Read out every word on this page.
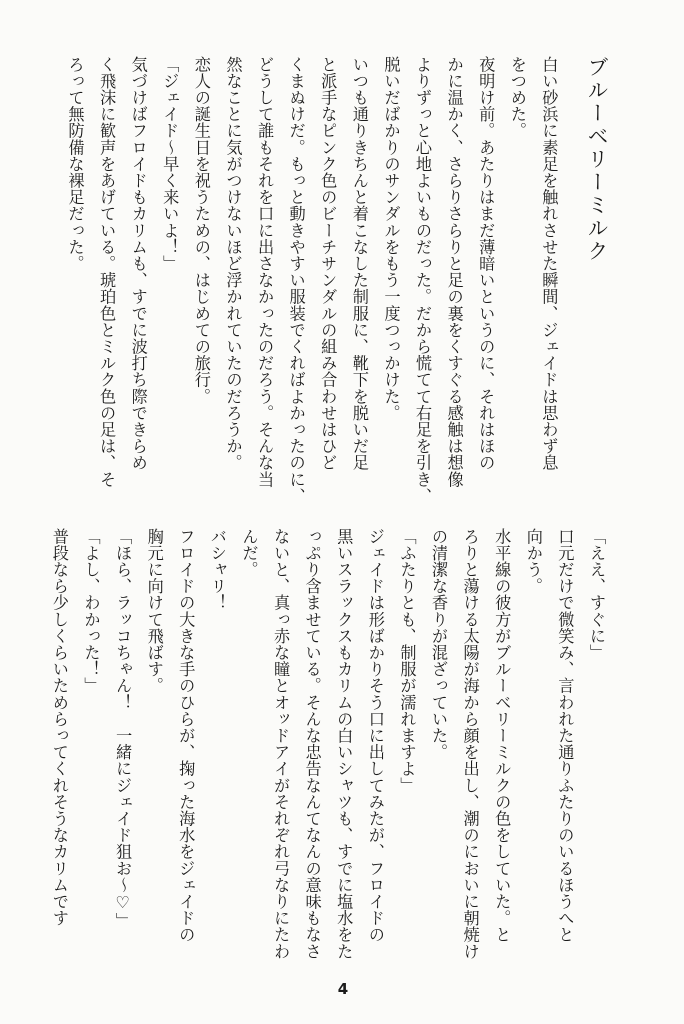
ブルーベリーミルク
白い砂浜に素足を触れさせた瞬間、ジェイドは思わず息
をつめた。
夜明け前。あたりはまだ薄暗いというのに、それはほの
かに温かく、さらりさらりと足の裏をくすぐる感触は想像
よりずっと心地よいものだった。だから慌てて右足を引き、
脱いだばかりのサンダルをもう一度つっかけた。
いつも通りきちんと着こなした制服に、靴下を脱いだ足
と派手なピンク色のビーチサンダルの組み合わせはひど
くまぬけだ。もっと動きやすい服装でくればよかったのに、
どうして誰もそれを口に出さなかったのだろう。そんな当
然なことに気がつけないほど浮かれていたのだろうか。
恋人の誕生日を祝うための、はじめての旅行。
「ジェイド〜早く来いよ！」
気づけばフロイドもカリムも、すでに波打ち際できらめ
く飛沫に歓声をあげている。琥珀色とミルク色の足は、そ
ろって無防備な裸足だった。
「ええ、すぐに」
口元だけで微笑み、言われた通りふたりのいるほうへと
向かう。
水平線の彼方がブルーベリーミルクの色をしていた。と
ろりと蕩ける太陽が海から顔を出し、潮のにおいに朝焼け
の清潔な香りが混ざっていた。
「ふたりとも、制服が濡れますよ」
ジェイドは形ばかりそう口に出してみたが、フロイドの
黒いスラックスもカリムの白いシャツも、すでに塩水をた
っぷり含ませている。そんな忠告なんてなんの意味もなさ
ないと、真っ赤な瞳とオッドアイがそれぞれ弓なりにたわ
んだ。
バシャリ！
フロイドの大きな手のひらが、掬った海水をジェイドの
胸元に向けて飛ばす。
「ほら、ラッコちゃん！　一緒にジェイド狙お〜♡」
「よし、わかった！」
普段なら少しくらいためらってくれそうなカリムです
4
